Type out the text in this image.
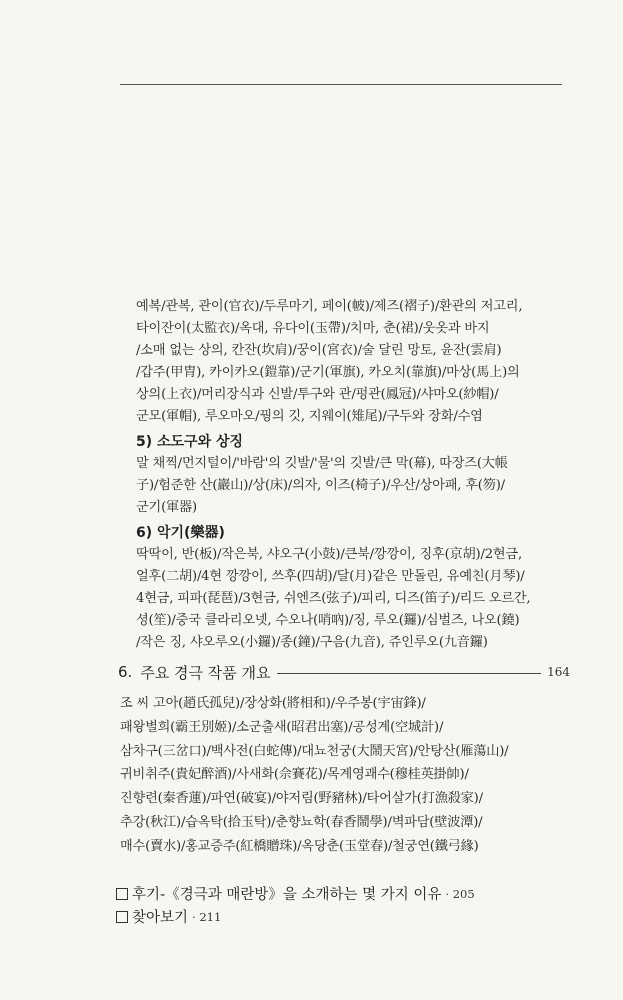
예복/관복, 관이(官衣)/두루마기, 페이(帔)/제즈(褶子)/환관의 저고리,
타이잔이(太監衣)/옥대, 유다이(玉帶)/치마, 춘(裙)/웃옷과 바지
/소매 없는 상의, 칸잔(坎肩)/꿍이(宮衣)/술 달린 망토, 윤잔(雲肩)
/갑주(甲胄), 카이카오(鎧靠)/군기(軍旗), 카오치(靠旗)/마상(馬上)의
상의(上衣)/머리장식과 신발/투구와 관/펑관(鳳冠)/샤마오(紗帽)/
군모(軍帽), 루오마오/꿩의 깃, 지웨이(雉尾)/구두와 장화/수염
5) 소도구와 상징
말 채찍/먼지털이/'바람'의 깃발/'물'의 깃발/큰 막(幕), 따장즈(大帳
子)/험준한 산(巖山)/상(床)/의자, 이즈(椅子)/우산/상아패, 후(笏)/
군기(軍器)
6) 악기(樂器)
딱딱이, 반(板)/작은북, 샤오구(小鼓)/큰북/깡깡이, 징후(京胡)/2현금,
얼후(二胡)/4현 깡깡이, 쓰후(四胡)/달(月)같은 만돌린, 유예친(月琴)/
4현금, 피파(琵琶)/3현금, 쉬엔즈(弦子)/피리, 디즈(笛子)/리드 오르간,
셩(笙)/중국 클라리오넷, 수오나(哨吶)/징, 루오(鑼)/심벌즈, 나오(鐃)
/작은 징, 샤오루오(小鑼)/종(鐘)/구음(九音), 쥬인루오(九音鑼)
6. 주요 경극 작품 개요	164
조 씨 고아(趙氏孤兒)/장상화(將相和)/우주봉(宇宙鋒)/
패왕별희(霸王別姬)/소군출새(昭君出塞)/공성계(空城計)/
삼차구(三岔口)/백사전(白蛇傳)/대뇨천궁(大鬧天宮)/안탕산(雁蕩山)/
귀비취주(貴妃醉酒)/사새화(佘賽花)/목계영괘수(穆桂英掛帥)/
진향련(秦香蓮)/파연(破宴)/야저림(野豬林)/타어살가(打漁殺家)/
추강(秋江)/습옥탁(拾玉탁)/춘향뇨학(春香鬧學)/벽파담(壁波潭)/
매수(賣水)/홍교증주(紅橋贈珠)/옥당춘(玉堂春)/철궁연(鐵弓緣)
후기-《경극과 매란방》을 소개하는 몇 가지 이유 · 205
찾아보기 · 211
